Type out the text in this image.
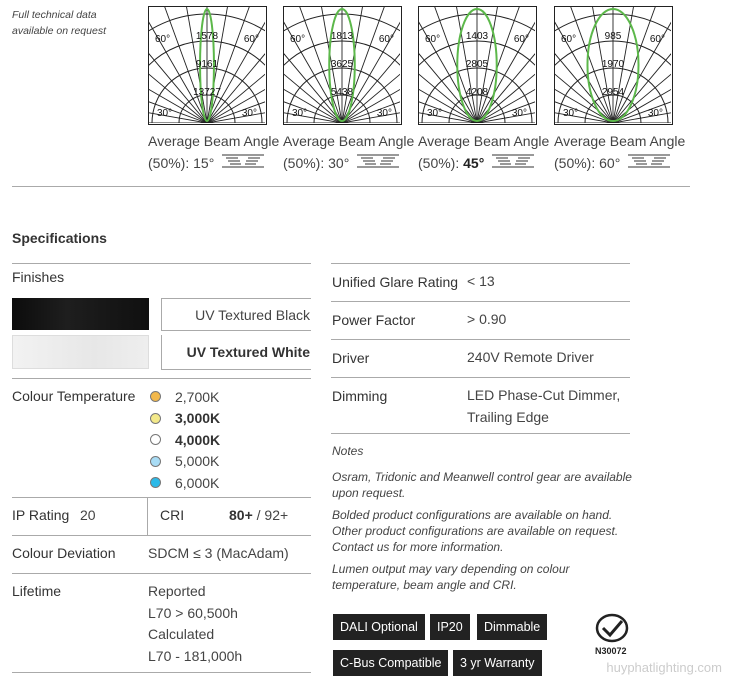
Full technical data available on request
60°	60°
30°	30°
1578
9161
13727
Average Beam Angle
(50%): 15°
60°	60°
30°	30°
1813
3625
5438
Average Beam Angle
(50%): 30°
60°	60°
30°	30°
1403
2805
4208
Average Beam Angle
(50%): 45°
60°	60°
30°	30°
985
1970
2954
Average Beam Angle
(50%): 60°
Specifications
Finishes
UV Textured Black
UV Textured White
Colour Temperature	2,700K
3,000K
4,000K
5,000K
6,000K
IP Rating 20	CRI	80+ / 92+
Colour Deviation SDCM ≤ 3 (MacAdam)
Lifetime	Reported
L70 > 60,500h
Calculated
L70 - 181,000h
Unified Glare Rating < 13
Power Factor	> 0.90
Driver	240V Remote Driver
Dimming	LED Phase-Cut Dimmer, Trailing Edge
Notes
Osram, Tridonic and Meanwell control gear are available upon request.
Bolded product configurations are available on hand. Other product configurations are available on request. Contact us for more information.
Lumen output may vary depending on colour temperature, beam angle and CRI.
DALI Optional	IP20	Dimmable
C-Bus Compatible	3 yr Warranty
N30072
huyphatlighting.com
